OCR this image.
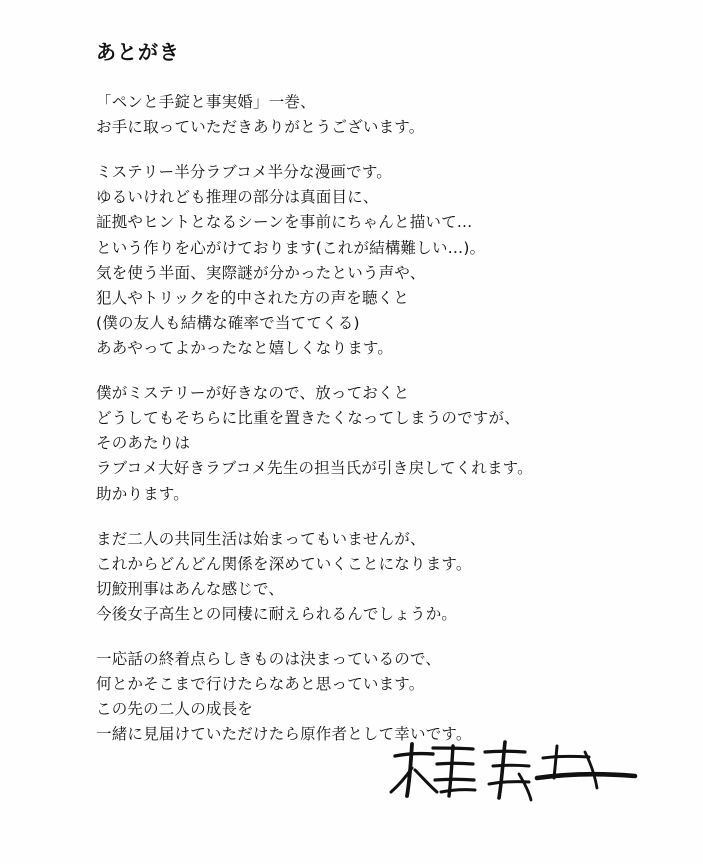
あとがき
「ペンと手錠と事実婚」一巻、
お手に取っていただきありがとうございます。
ミステリー半分ラブコメ半分な漫画です。
ゆるいけれども推理の部分は真面目に、
証拠やヒントとなるシーンを事前にちゃんと描いて…
という作りを心がけております(これが結構難しい…)。
気を使う半面、実際謎が分かったという声や、
犯人やトリックを的中された方の声を聴くと
(僕の友人も結構な確率で当ててくる)
ああやってよかったなと嬉しくなります。
僕がミステリーが好きなので、放っておくと
どうしてもそちらに比重を置きたくなってしまうのですが、
そのあたりは
ラブコメ大好きラブコメ先生の担当氏が引き戻してくれます。
助かります。
まだ二人の共同生活は始まってもいませんが、
これからどんどん関係を深めていくことになります。
切鮫刑事はあんな感じで、
今後女子高生との同棲に耐えられるんでしょうか。
一応話の終着点らしきものは決まっているので、
何とかそこまで行けたらなあと思っています。
この先の二人の成長を
一緒に見届けていただけたら原作者として幸いです。
